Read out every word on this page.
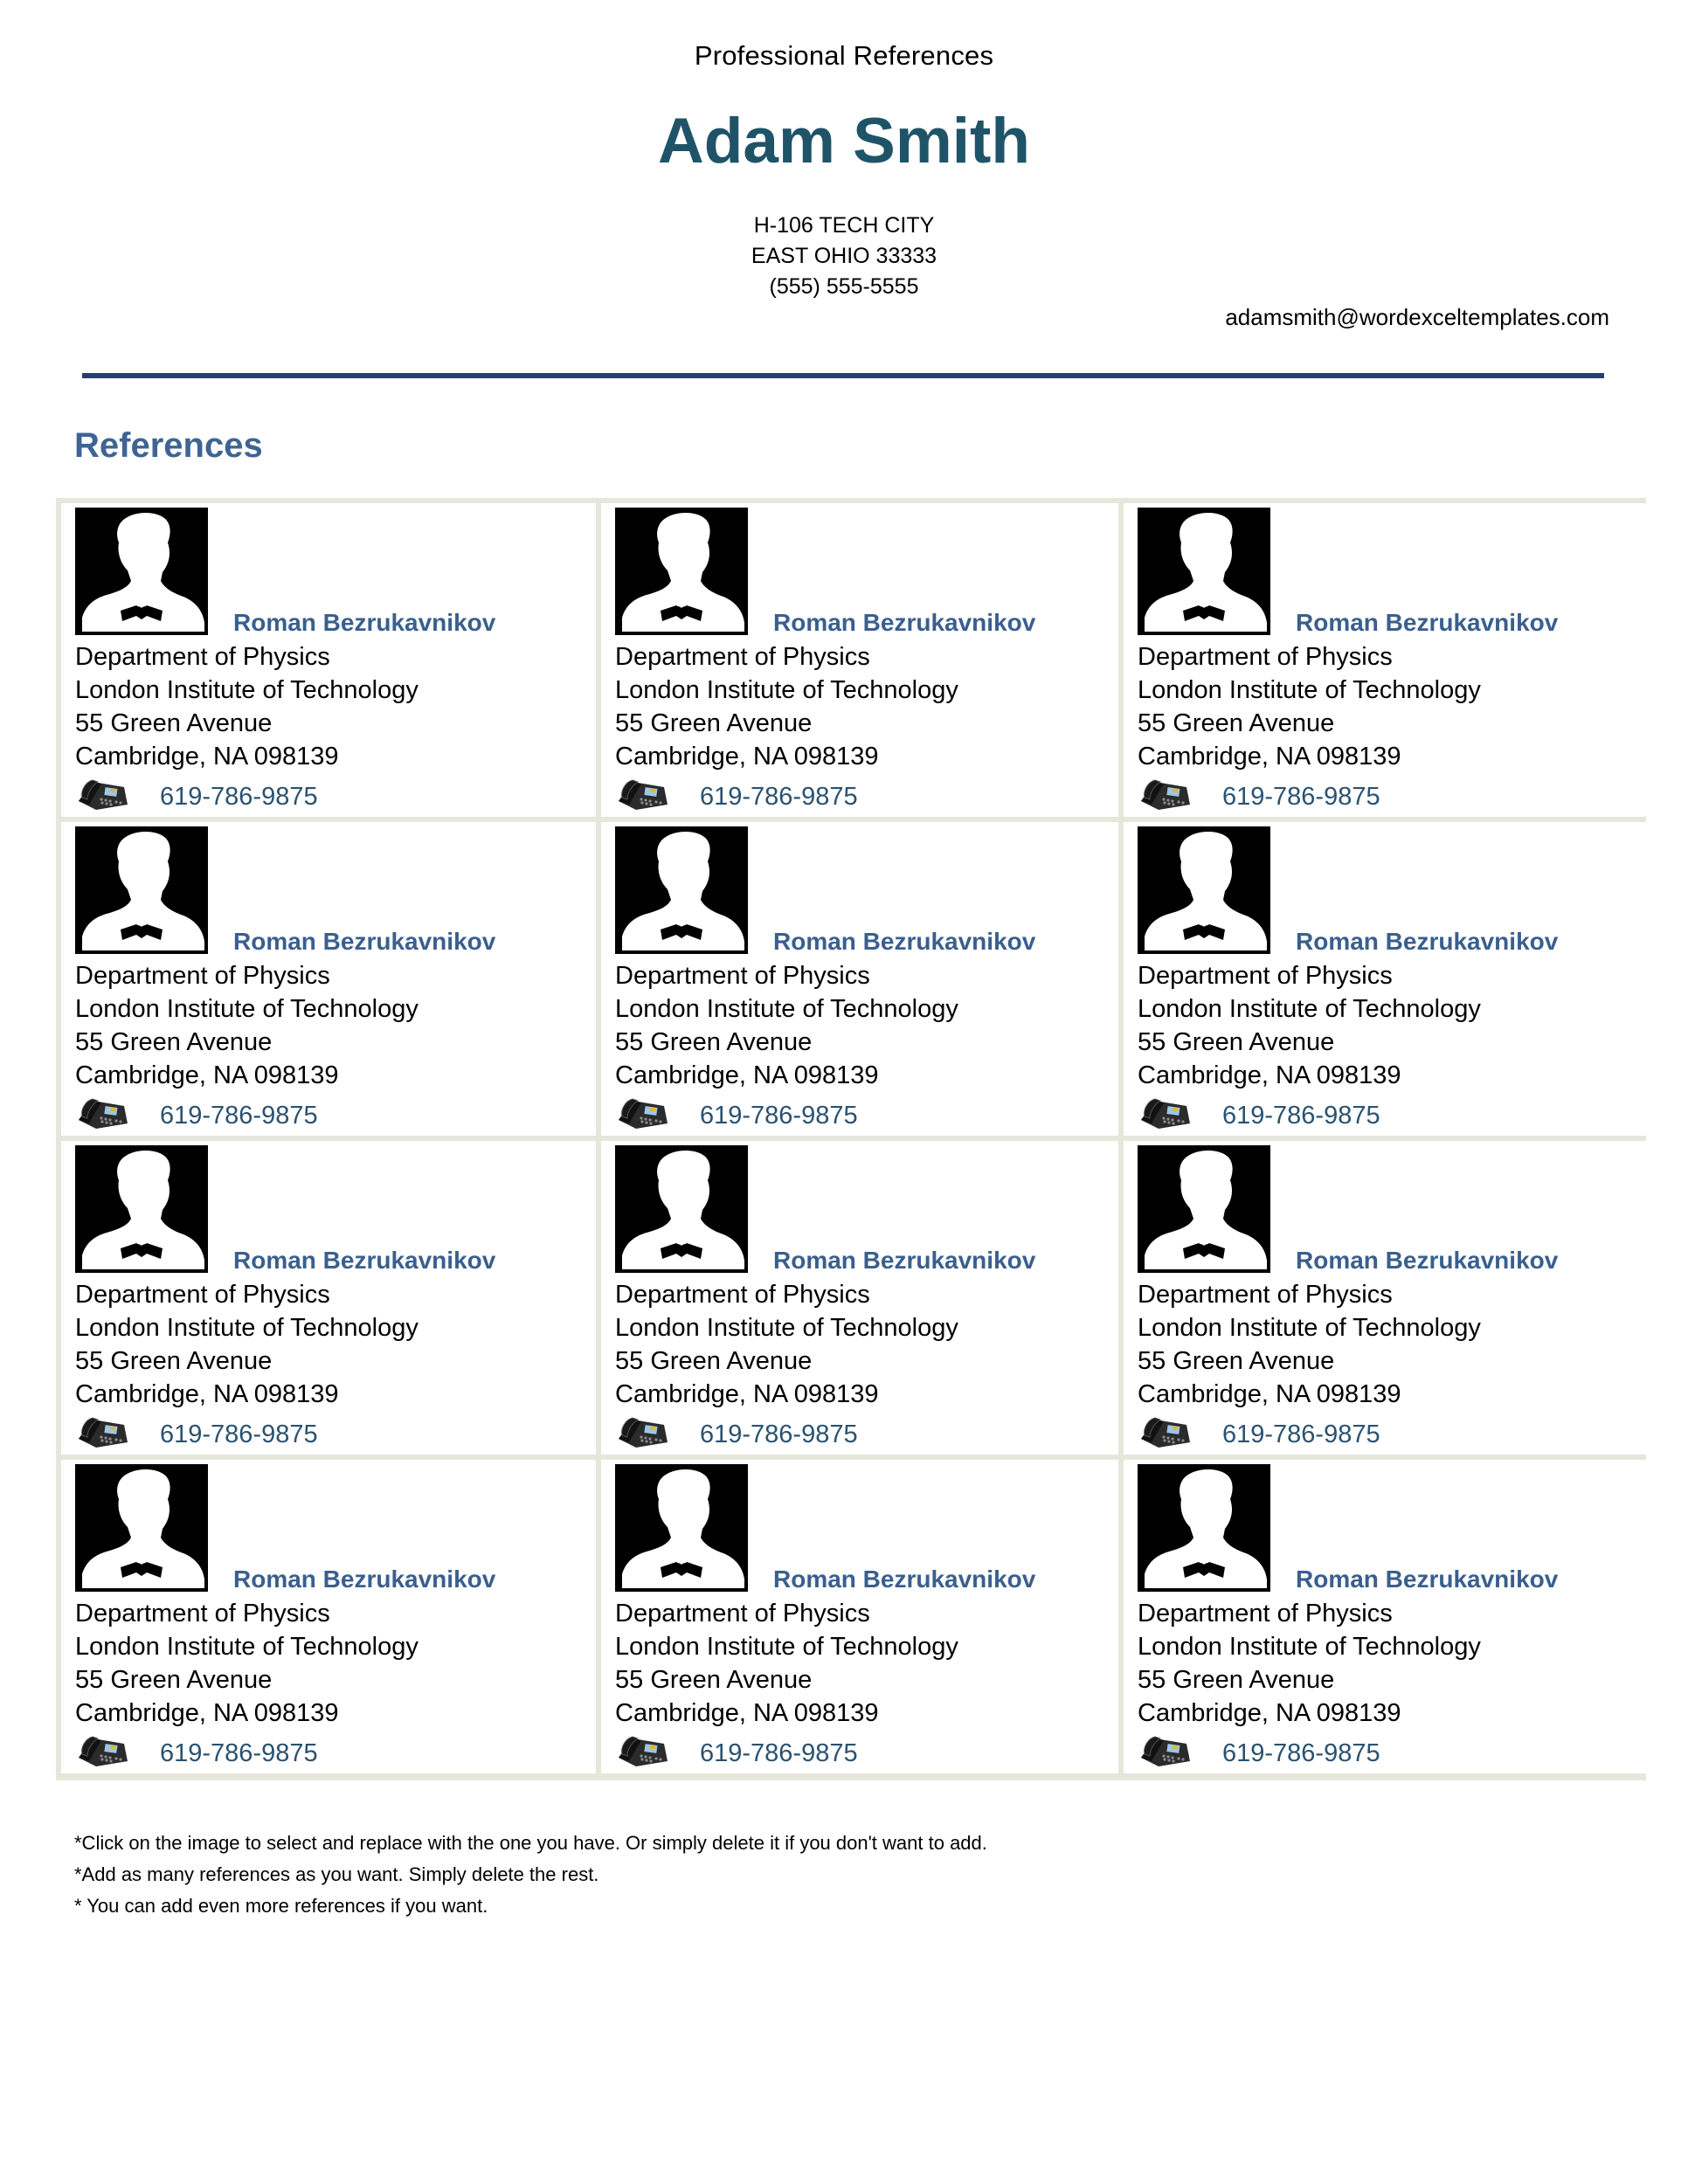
Professional References
Adam Smith
H-106 TECH CITY
EAST OHIO 33333
(555) 555-5555
adamsmith@wordexceltemplates.com
References
Roman Bezrukavnikov
Department of Physics
London Institute of Technology
55 Green Avenue
Cambridge, NA 098139
619-786-9875
Roman Bezrukavnikov
Department of Physics
London Institute of Technology
55 Green Avenue
Cambridge, NA 098139
619-786-9875
Roman Bezrukavnikov
Department of Physics
London Institute of Technology
55 Green Avenue
Cambridge, NA 098139
619-786-9875
Roman Bezrukavnikov
Department of Physics
London Institute of Technology
55 Green Avenue
Cambridge, NA 098139
619-786-9875
Roman Bezrukavnikov
Department of Physics
London Institute of Technology
55 Green Avenue
Cambridge, NA 098139
619-786-9875
Roman Bezrukavnikov
Department of Physics
London Institute of Technology
55 Green Avenue
Cambridge, NA 098139
619-786-9875
Roman Bezrukavnikov
Department of Physics
London Institute of Technology
55 Green Avenue
Cambridge, NA 098139
619-786-9875
Roman Bezrukavnikov
Department of Physics
London Institute of Technology
55 Green Avenue
Cambridge, NA 098139
619-786-9875
Roman Bezrukavnikov
Department of Physics
London Institute of Technology
55 Green Avenue
Cambridge, NA 098139
619-786-9875
Roman Bezrukavnikov
Department of Physics
London Institute of Technology
55 Green Avenue
Cambridge, NA 098139
619-786-9875
Roman Bezrukavnikov
Department of Physics
London Institute of Technology
55 Green Avenue
Cambridge, NA 098139
619-786-9875
Roman Bezrukavnikov
Department of Physics
London Institute of Technology
55 Green Avenue
Cambridge, NA 098139
619-786-9875
*Click on the image to select and replace with the one you have. Or simply delete it if you don't want to add.
*Add as many references as you want. Simply delete the rest.
* You can add even more references if you want.
